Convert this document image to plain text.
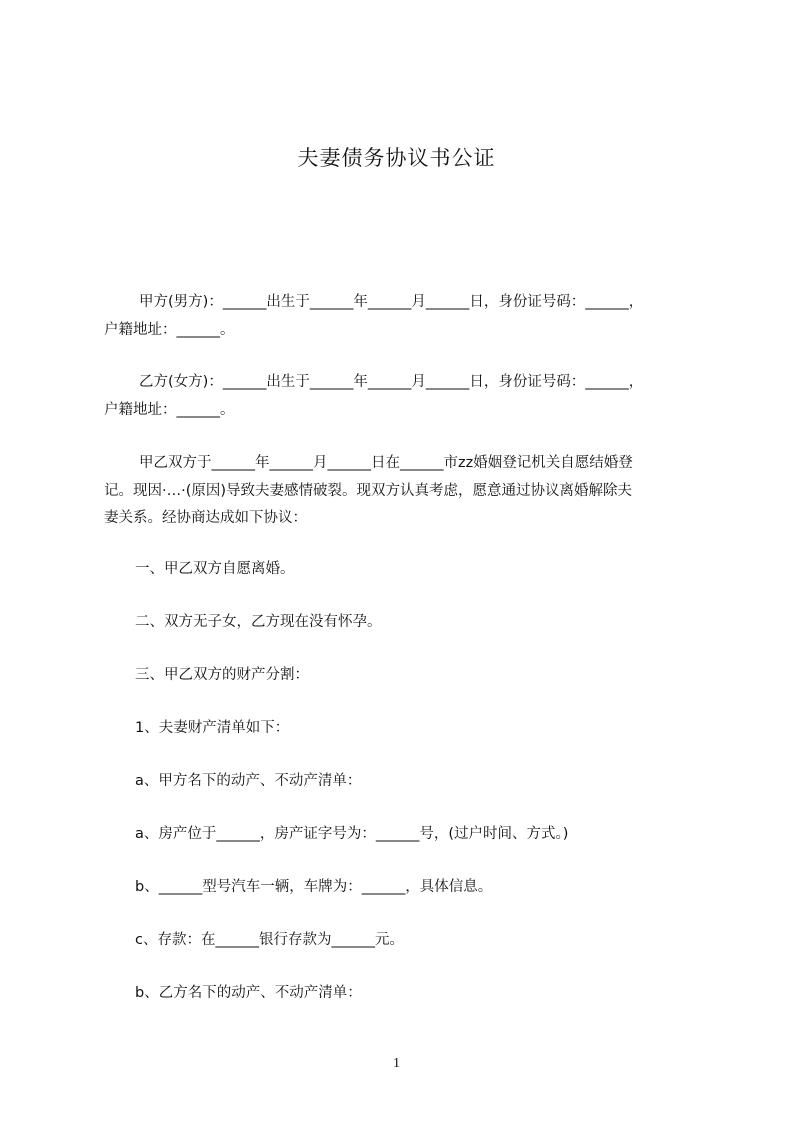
夫妻债务协议书公证

甲方(男方)：______出生于______年______月______日，身份证号码：______，

户籍地址：______。

乙方(女方)：______出生于______年______月______日，身份证号码：______，

户籍地址：______。

甲乙双方于______年______月______日在______市zz婚姻登记机关自愿结婚登

记。现因·…·(原因)导致夫妻感情破裂。现双方认真考虑，愿意通过协议离婚解除夫

妻关系。经协商达成如下协议：

一、甲乙双方自愿离婚。

二、双方无子女，乙方现在没有怀孕。

三、甲乙双方的财产分割：

1、夫妻财产清单如下：

a、甲方名下的动产、不动产清单：

a、房产位于______，房产证字号为：______号，(过户时间、方式。)

b、______型号汽车一辆，车牌为：______，具体信息。

c、存款：在______银行存款为______元。

b、乙方名下的动产、不动产清单：

1
